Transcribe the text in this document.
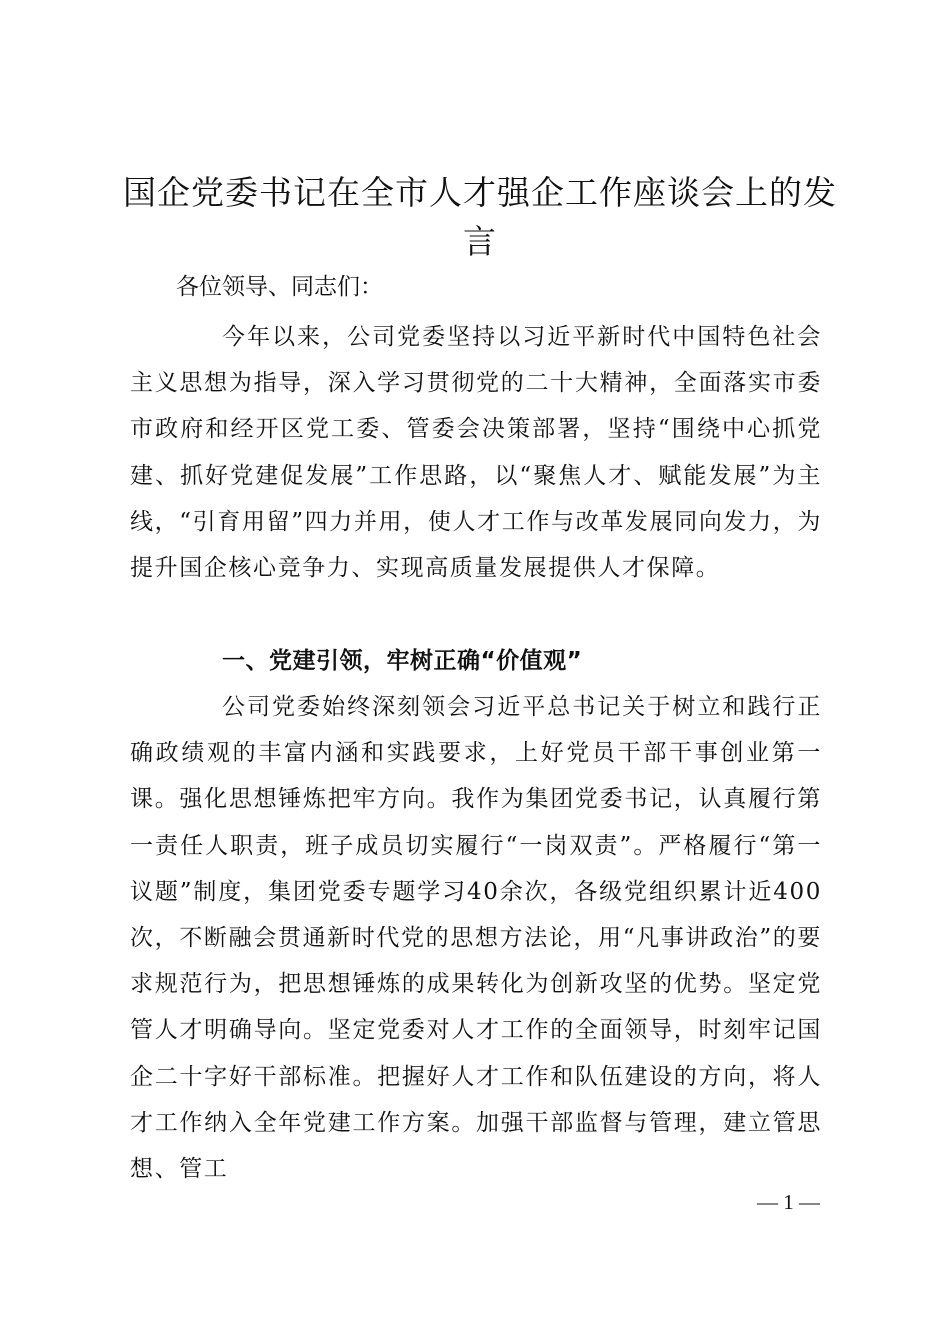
国企党委书记在全市人才强企工作座谈会上的发言

各位领导、同志们：

今年以来，公司党委坚持以习近平新时代中国特色社会主义思想为指导，深入学习贯彻党的二十大精神，全面落实市委市政府和经开区党工委、管委会决策部署，坚持“围绕中心抓党建、抓好党建促发展”工作思路，以“聚焦人才、赋能发展”为主线，“引育用留”四力并用，使人才工作与改革发展同向发力，为提升国企核心竞争力、实现高质量发展提供人才保障。

一、党建引领，牢树正确“价值观”

公司党委始终深刻领会习近平总书记关于树立和践行正确政绩观的丰富内涵和实践要求，上好党员干部干事创业第一课。强化思想锤炼把牢方向。我作为集团党委书记，认真履行第一责任人职责，班子成员切实履行“一岗双责”。严格履行“第一议题”制度，集团党委专题学习40余次，各级党组织累计近400次，不断融会贯通新时代党的思想方法论，用“凡事讲政治”的要求规范行为，把思想锤炼的成果转化为创新攻坚的优势。坚定党管人才明确导向。坚定党委对人才工作的全面领导，时刻牢记国企二十字好干部标准。把握好人才工作和队伍建设的方向，将人才工作纳入全年党建工作方案。加强干部监督与管理，建立管思想、管工

— 1 —
